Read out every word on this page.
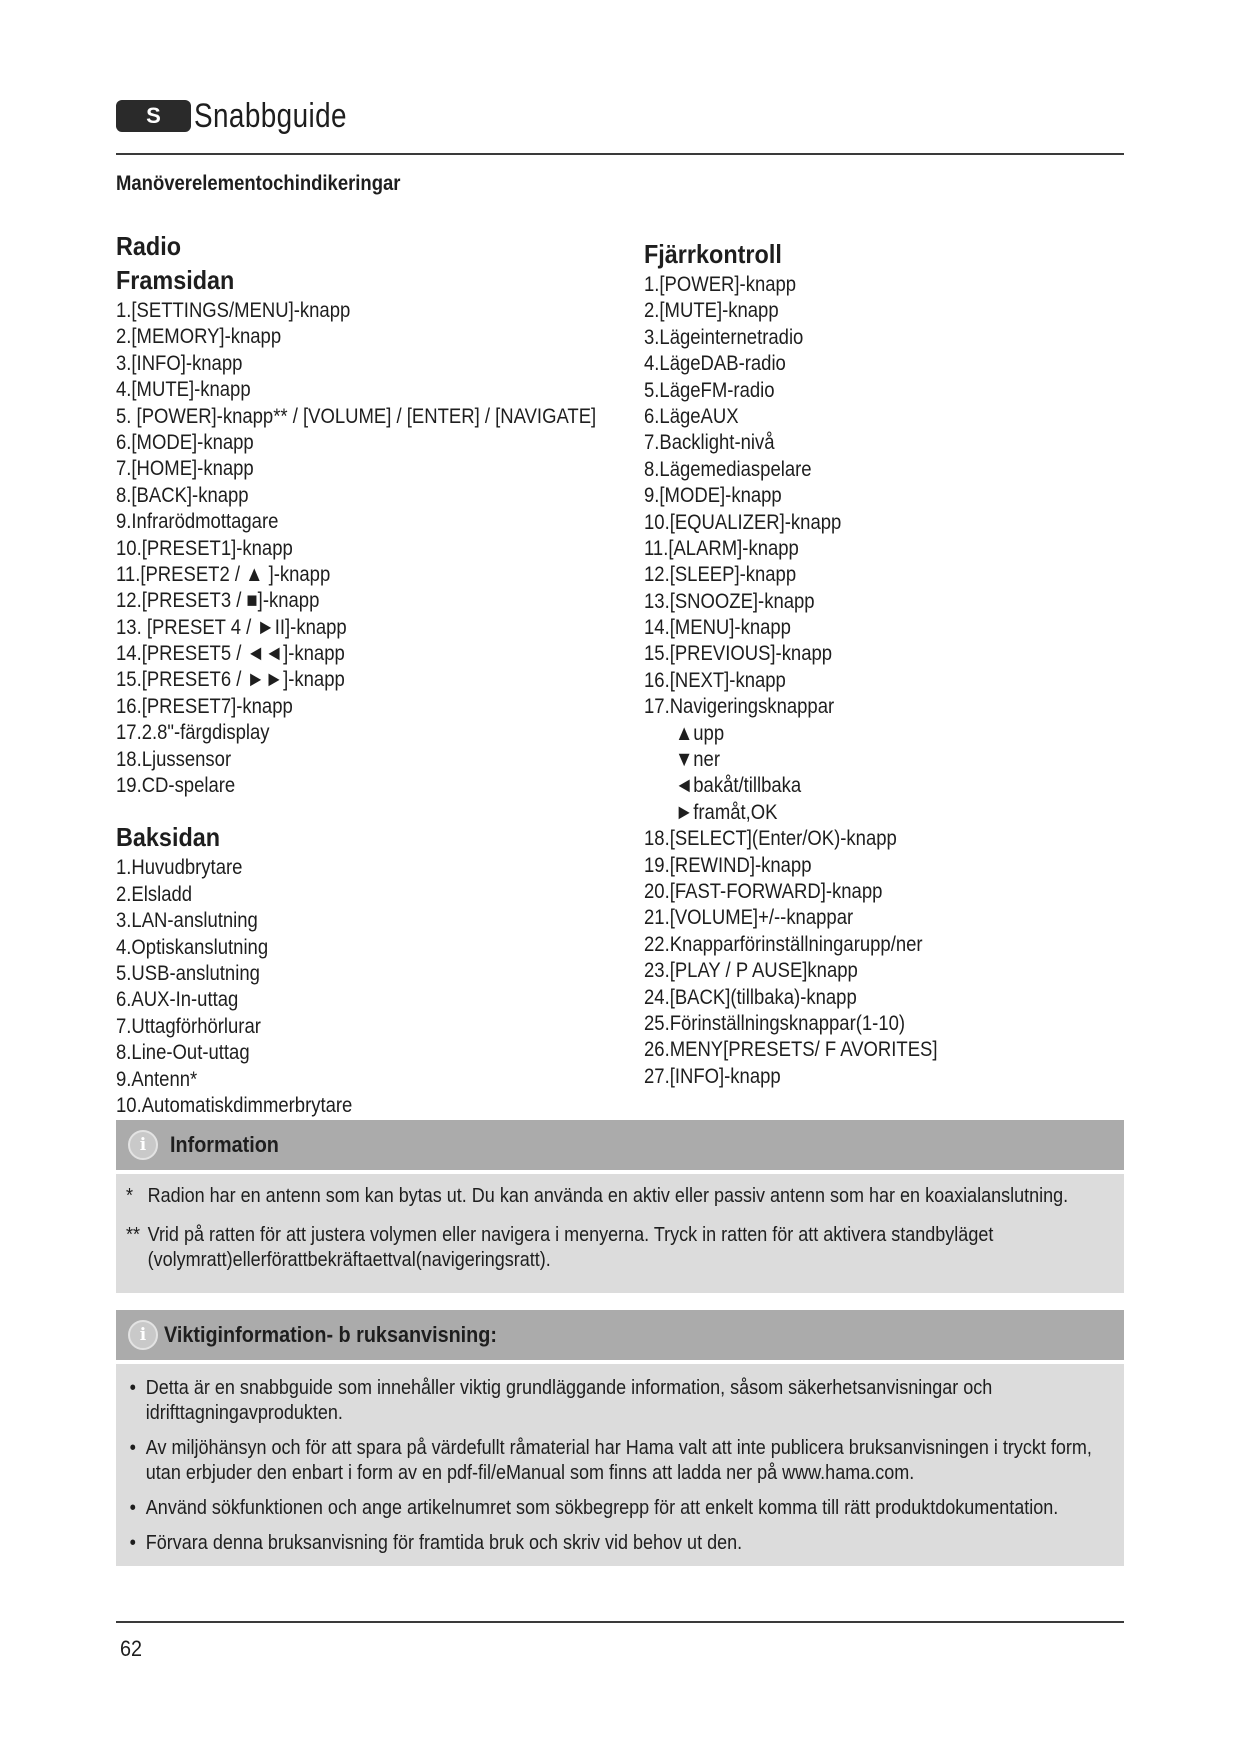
S Snabbguide
Manöverelementochindikeringar
Radio
Framsidan
1.[SETTINGS/MENU]-knapp
2.[MEMORY]-knapp
3.[INFO]-knapp
4.[MUTE]-knapp
5. [POWER]-knapp** / [VOLUME] / [ENTER] / [NAVIGATE]
6.[MODE]-knapp
7.[HOME]-knapp
8.[BACK]-knapp
9.Infrarödmottagare
10.[PRESET1]-knapp
11.[PRESET2 / ▲ ]-knapp
12.[PRESET3 / ■]-knapp
13. [PRESET 4 / ►II]-knapp
14.[PRESET5 / ◄◄]-knapp
15.[PRESET6 / ►►]-knapp
16.[PRESET7]-knapp
17.2.8"-färgdisplay
18.Ljussensor
19.CD-spelare
Baksidan
1.Huvudbrytare
2.Elsladd
3.LAN-anslutning
4.Optiskanslutning
5.USB-anslutning
6.AUX-In-uttag
7.Uttagförhörlurar
8.Line-Out-uttag
9.Antenn*
10.Automatiskdimmerbrytare
Fjärrkontroll
1.[POWER]-knapp
2.[MUTE]-knapp
3.Lägeinternetradio
4.LägeDAB-radio
5.LägeFM-radio
6.LägeAUX
7.Backlight-nivå
8.Lägemediaspelare
9.[MODE]-knapp
10.[EQUALIZER]-knapp
11.[ALARM]-knapp
12.[SLEEP]-knapp
13.[SNOOZE]-knapp
14.[MENU]-knapp
15.[PREVIOUS]-knapp
16.[NEXT]-knapp
17.Navigeringsknappar
▲upp
▼ner
◄bakåt/tillbaka
►framåt,OK
18.[SELECT](Enter/OK)-knapp
19.[REWIND]-knapp
20.[FAST-FORWARD]-knapp
21.[VOLUME]+/--knappar
22.Knapparförinställningarupp/ner
23.[PLAY / P AUSE]knapp
24.[BACK](tillbaka)-knapp
25.Förinställningsknappar(1-10)
26.MENY[PRESETS/ F AVORITES]
27.[INFO]-knapp
i	Information
* Radion har en antenn som kan bytas ut. Du kan använda en aktiv eller passiv antenn som har en koaxialanslutning.
** Vrid på ratten för att justera volymen eller navigera i menyerna. Tryck in ratten för att aktivera standbyläget (volymratt)ellerförattbekräftaettval(navigeringsratt).
i Viktiginformation- b ruksanvisning:
• Detta är en snabbguide som innehåller viktig grundläggande information, såsom säkerhetsanvisningar och idrifttagningavprodukten.
• Av miljöhänsyn och för att spara på värdefullt råmaterial har Hama valt att inte publicera bruksanvisningen i tryckt form, utan erbjuder den enbart i form av en pdf-fil/eManual som finns att ladda ner på www.hama.com.
• Använd sökfunktionen och ange artikelnumret som sökbegrepp för att enkelt komma till rätt produktdokumentation.
• Förvara denna bruksanvisning för framtida bruk och skriv vid behov ut den.
62
